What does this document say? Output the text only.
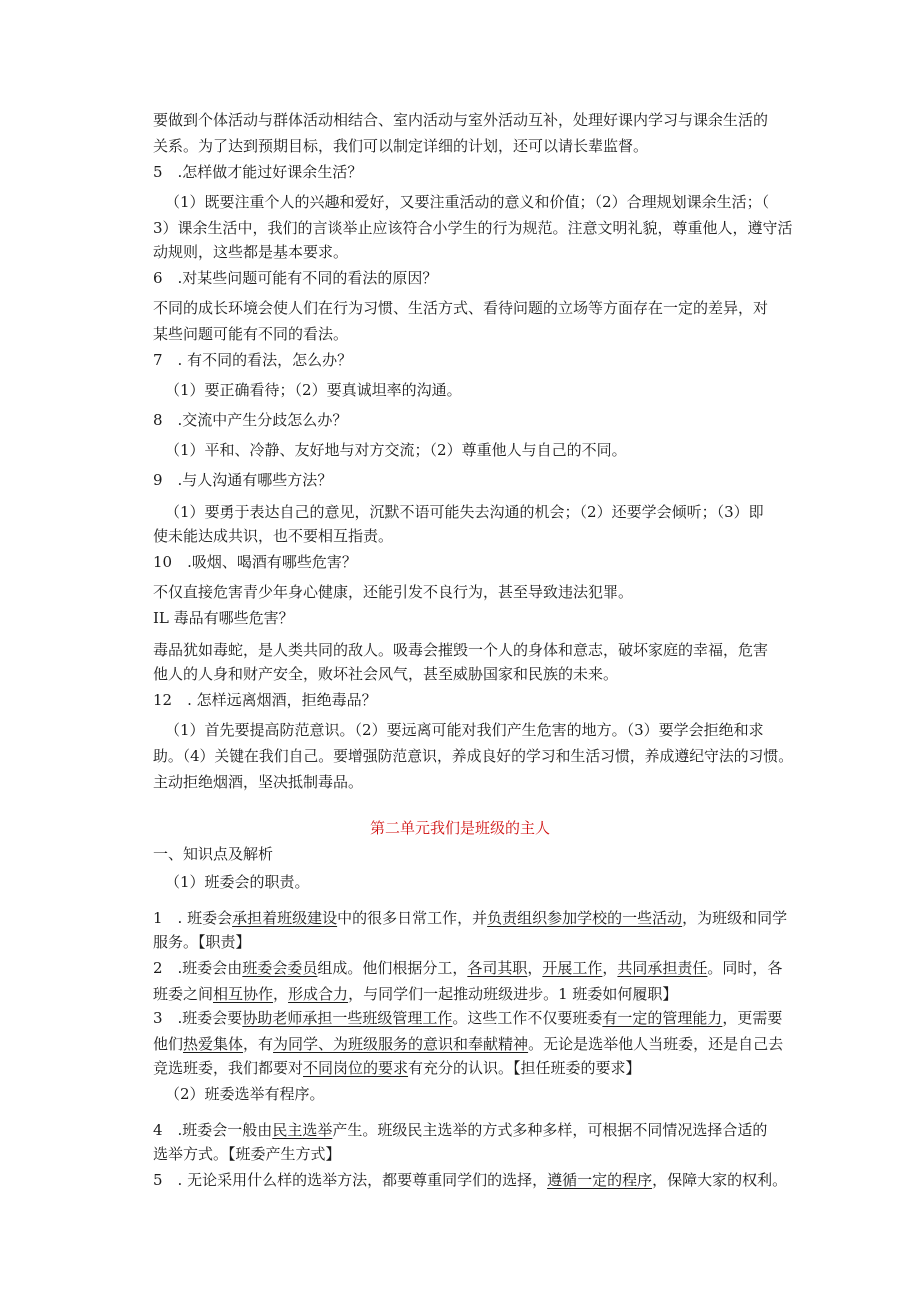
要做到个体活动与群体活动相结合、室内活动与室外活动互补，处理好课内学习与课余生活的
关系。为了达到预期目标，我们可以制定详细的计划，还可以请长辈监督。
5　.怎样做才能过好课余生活？
（1）既要注重个人的兴趣和爱好，又要注重活动的意义和价值；（2）合理规划课余生活；（
3）课余生活中，我们的言谈举止应该符合小学生的行为规范。注意文明礼貌，尊重他人，遵守活
动规则，这些都是基本要求。
6　.对某些问题可能有不同的看法的原因？
不同的成长环境会使人们在行为习惯、生活方式、看待问题的立场等方面存在一定的差异，对
某些问题可能有不同的看法。
7　. 有不同的看法，怎么办？
（1）要正确看待；（2）要真诚坦率的沟通。
8　.交流中产生分歧怎么办？
（1）平和、冷静、友好地与对方交流；（2）尊重他人与自己的不同。
9　.与人沟通有哪些方法？
（1）要勇于表达自己的意见，沉默不语可能失去沟通的机会；（2）还要学会倾听；（3）即
使未能达成共识，也不要相互指责。
10　.吸烟、喝酒有哪些危害？
不仅直接危害青少年身心健康，还能引发不良行为，甚至导致违法犯罪。
IL 毒品有哪些危害？
毒品犹如毒蛇，是人类共同的敌人。吸毒会摧毁一个人的身体和意志，破坏家庭的幸福，危害
他人的人身和财产安全，败坏社会风气，甚至威胁国家和民族的未来。
12　. 怎样远离烟酒，拒绝毒品？
（1）首先要提高防范意识。（2）要远离可能对我们产生危害的地方。（3）要学会拒绝和求
助。（4）关键在我们自己。要增强防范意识，养成良好的学习和生活习惯，养成遵纪守法的习惯。
主动拒绝烟酒，坚决抵制毒品。
第二单元我们是班级的主人
一、知识点及解析
（1）班委会的职责。
1　. 班委会承担着班级建设中的很多日常工作，并负责组织参加学校的一些活动，为班级和同学
服务。【职责】
2　.班委会由班委会委员组成。他们根据分工，各司其职，开展工作，共同承担责任。同时，各
班委之间相互协作，形成合力，与同学们一起推动班级进步。1 班委如何履职】
3　.班委会要协助老师承担一些班级管理工作。这些工作不仅要班委有一定的管理能力，更需要
他们热爱集体，有为同学、为班级服务的意识和奉献精神。无论是选举他人当班委，还是自己去
竞选班委，我们都要对不同岗位的要求有充分的认识。【担任班委的要求】
（2）班委选举有程序。
4　.班委会一般由民主选举产生。班级民主选举的方式多种多样，可根据不同情况选择合适的
选举方式。【班委产生方式】
5　. 无论采用什么样的选举方法，都要尊重同学们的选择，遵循一定的程序，保障大家的权利。
